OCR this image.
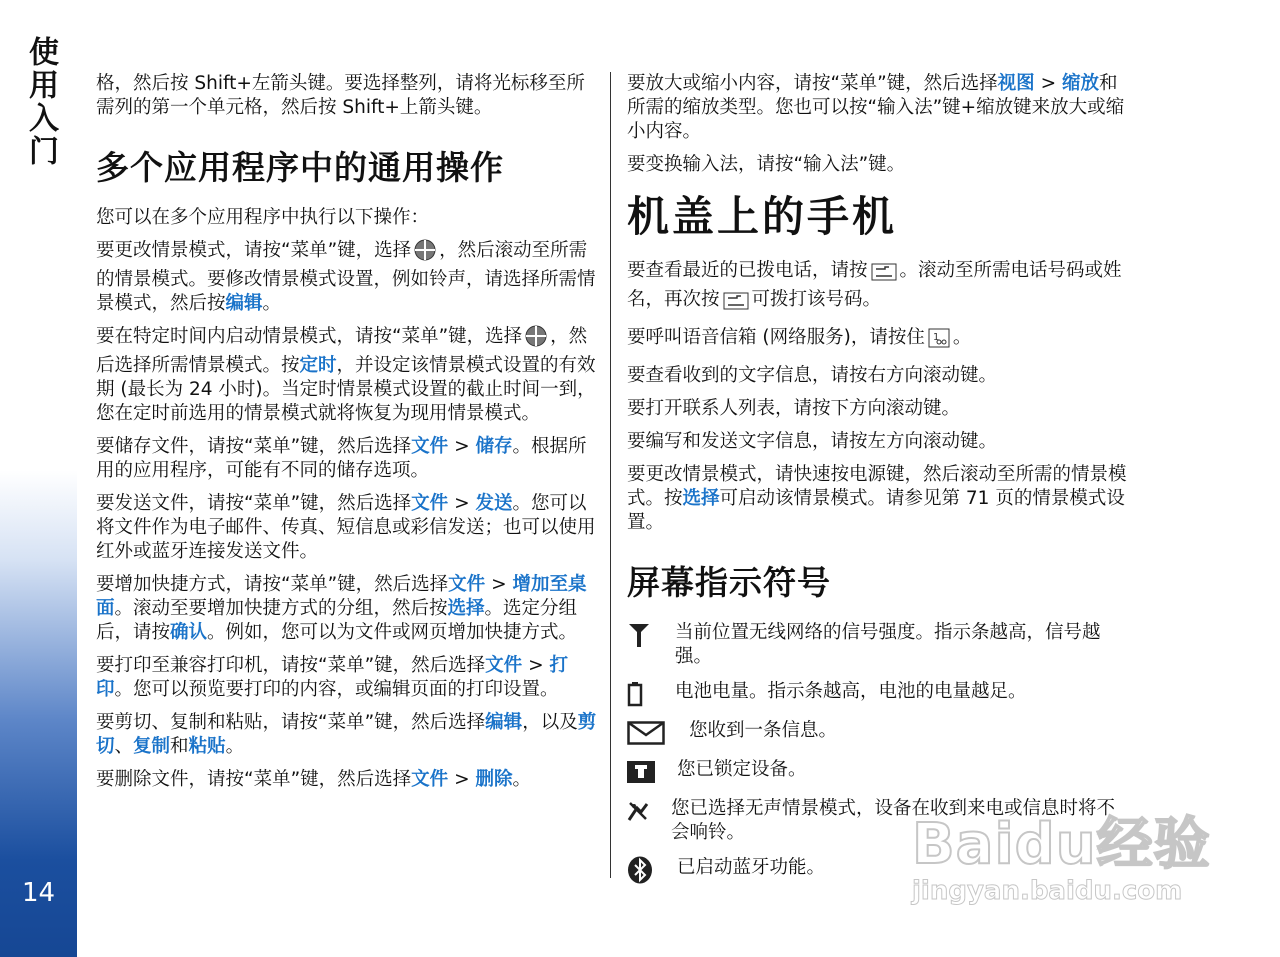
使用入门
14

格，然后按 Shift+左箭头键。要选择整列，请将光标移至所需列的第一个单元格，然后按 Shift+上箭头键。

多个应用程序中的通用操作

您可以在多个应用程序中执行以下操作：

要更改情景模式，请按“菜单”键，选择 ，然后滚动至所需的情景模式。要修改情景模式设置，例如铃声，请选择所需情景模式，然后按编辑。

要在特定时间内启动情景模式，请按“菜单”键，选择 ，然后选择所需情景模式。按定时，并设定该情景模式设置的有效期 (最长为 24 小时)。当定时情景模式设置的截止时间一到，您在定时前选用的情景模式就将恢复为现用情景模式。

要储存文件，请按“菜单”键，然后选择文件 > 储存。根据所用的应用程序，可能有不同的储存选项。

要发送文件，请按“菜单”键，然后选择文件 > 发送。您可以将文件作为电子邮件、传真、短信息或彩信发送；也可以使用红外或蓝牙连接发送文件。

要增加快捷方式，请按“菜单”键，然后选择文件 > 增加至桌面。滚动至要增加快捷方式的分组，然后按选择。选定分组后，请按确认。例如，您可以为文件或网页增加快捷方式。

要打印至兼容打印机，请按“菜单”键，然后选择文件 > 打印。您可以预览要打印的内容，或编辑页面的打印设置。

要剪切、复制和粘贴，请按“菜单”键，然后选择编辑，以及剪切、复制和粘贴。

要删除文件，请按“菜单”键，然后选择文件 > 删除。

要放大或缩小内容，请按“菜单”键，然后选择视图 > 缩放和所需的缩放类型。您也可以按“输入法”键+缩放键来放大或缩小内容。

要变换输入法，请按“输入法”键。

机盖上的手机

要查看最近的已拨电话，请按 。滚动至所需电话号码或姓名，再次按 可拨打该号码。

要呼叫语音信箱 (网络服务)，请按住 1 。

要查看收到的文字信息，请按右方向滚动键。

要打开联系人列表，请按下方向滚动键。

要编写和发送文字信息，请按左方向滚动键。

要更改情景模式，请快速按电源键，然后滚动至所需的情景模式。按选择可启动该情景模式。请参见第 71 页的情景模式设置。

屏幕指示符号
当前位置无线网络的信号强度。指示条越高，信号越强。
电池电量。指示条越高，电池的电量越足。
您收到一条信息。
您已锁定设备。
您已选择无声情景模式，设备在收到来电或信息时将不会响铃。
已启动蓝牙功能。	Baidu经验
jingyan.baidu.com
